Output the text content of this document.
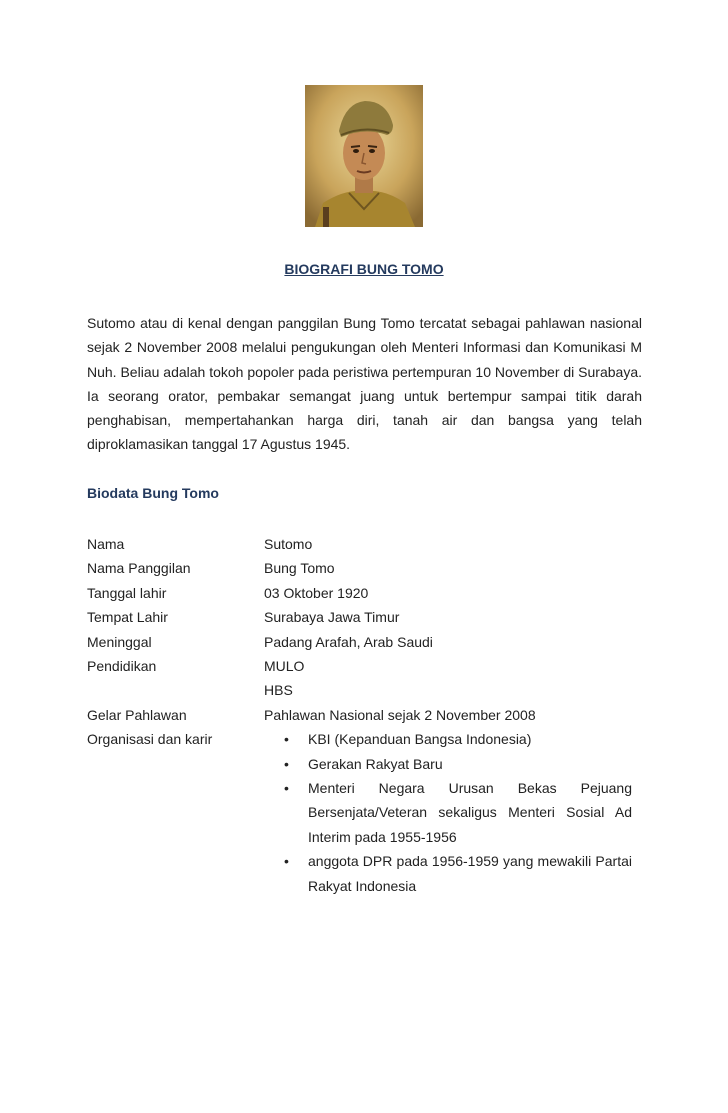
BIOGRAFI BUNG TOMO

Sutomo atau di kenal dengan panggilan Bung Tomo tercatat sebagai pahlawan nasional sejak 2 November 2008 melalui pengukungan oleh Menteri Informasi dan Komunikasi M Nuh. Beliau adalah tokoh popoler pada peristiwa pertempuran 10 November di Surabaya. Ia seorang orator, pembakar semangat juang untuk bertempur sampai titik darah penghabisan, mempertahankan harga diri, tanah air dan bangsa yang telah diproklamasikan tanggal 17 Agustus 1945.

Biodata Bung Tomo
Nama	Sutomo
Nama Panggilan	Bung Tomo
Tanggal lahir	03 Oktober 1920
Tempat Lahir	Surabaya Jawa Timur
Meninggal	Padang Arafah, Arab Saudi
Pendidikan	MULO
HBS
Gelar Pahlawan	Pahlawan Nasional sejak 2 November 2008
Organisasi dan karir
•	KBI (Kepanduan Bangsa Indonesia)
• Gerakan Rakyat Baru
• Menteri Negara Urusan Bekas Pejuang Bersenjata/Veteran sekaligus Menteri Sosial Ad Interim pada 1955-1956
• anggota DPR pada 1956-1959 yang mewakili Partai Rakyat Indonesia
